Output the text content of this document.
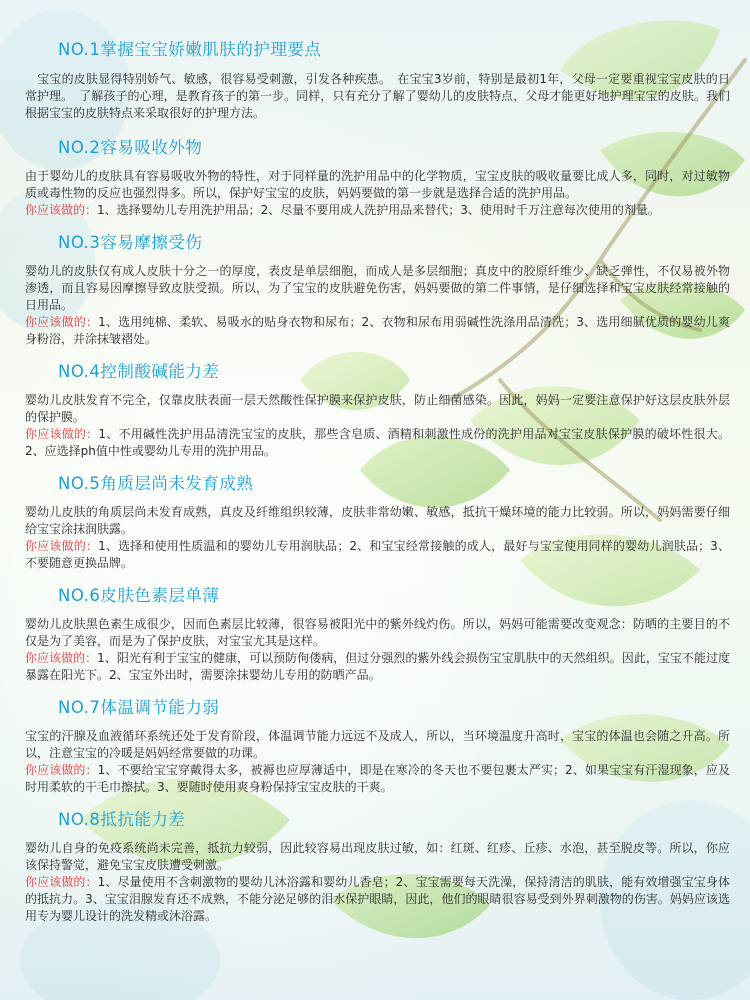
NO.1掌握宝宝娇嫩肌肤的护理要点

　宝宝的皮肤显得特别娇气、敏感，很容易受刺激，引发各种疾患。　在宝宝3岁前，特别是最初1年，父母一定要重视宝宝皮肤的日常护理。　了解孩子的心理，是教育孩子的第一步。同样，只有充分了解了婴幼儿的皮肤特点，父母才能更好地护理宝宝的皮肤。我们根据宝宝的皮肤特点来采取很好的护理方法。

NO.2容易吸收外物

由于婴幼儿的皮肤具有容易吸收外物的特性，对于同样量的洗护用品中的化学物质，宝宝皮肤的吸收量要比成人多，同时，对过敏物质或毒性物的反应也强烈得多。所以，保护好宝宝的皮肤，妈妈要做的第一步就是选择合适的洗护用品。

你应该做的：1、选择婴幼儿专用洗护用品；2、尽量不要用成人洗护用品来替代；3、使用时千万注意每次使用的剂量。

NO.3容易摩擦受伤

婴幼儿的皮肤仅有成人皮肤十分之一的厚度，表皮是单层细胞，而成人是多层细胞；真皮中的胶原纤维少、缺乏弹性，不仅易被外物渗透，而且容易因摩擦导致皮肤受损。所以，为了宝宝的皮肤避免伤害，妈妈要做的第二件事情，是仔细选择和宝宝皮肤经常接触的日用品。

你应该做的：1、选用纯棉、柔软、易吸水的贴身衣物和尿布；2、衣物和尿布用弱碱性洗涤用品清洗；3、选用细腻优质的婴幼儿爽身粉浴，并涂抹皱褶处。

NO.4控制酸碱能力差

婴幼儿皮肤发育不完全，仅靠皮肤表面一层天然酸性保护膜来保护皮肤，防止细菌感染。因此，妈妈一定要注意保护好这层皮肤外层的保护膜。

你应该做的：1、不用碱性洗护用品清洗宝宝的皮肤，那些含皂质、酒精和刺激性成份的洗护用品对宝宝皮肤保护膜的破坏性很大。2、应选择ph值中性或婴幼儿专用的洗护用品。

NO.5角质层尚未发育成熟

婴幼儿皮肤的角质层尚未发育成熟，真皮及纤维组织较薄，皮肤非常幼嫩、敏感，抵抗干燥环境的能力比较弱。所以，妈妈需要仔细给宝宝涂抹润肤露。

你应该做的：1、选择和使用性质温和的婴幼儿专用润肤品；2、和宝宝经常接触的成人，最好与宝宝使用同样的婴幼儿润肤品；3、不要随意更换品牌。

NO.6皮肤色素层单薄

婴幼儿皮肤黑色素生成很少，因而色素层比较薄，很容易被阳光中的紫外线灼伤。所以，妈妈可能需要改变观念：防晒的主要目的不仅是为了美容，而是为了保护皮肤，对宝宝尤其是这样。

你应该做的：1、阳光有利于宝宝的健康，可以预防佝偻病，但过分强烈的紫外线会损伤宝宝肌肤中的天然组织。因此，宝宝不能过度暴露在阳光下。2、宝宝外出时，需要涂抹婴幼儿专用的防晒产品。

NO.7体温调节能力弱

宝宝的汗腺及血液循环系统还处于发育阶段，体温调节能力远远不及成人，所以，当环境温度升高时，宝宝的体温也会随之升高。所以，注意宝宝的冷暖是妈妈经常要做的功课。

你应该做的：1、不要给宝宝穿戴得太多，被褥也应厚薄适中，即是在寒冷的冬天也不要包裹太严实；2、如果宝宝有汗湿现象，应及时用柔软的干毛巾擦拭。3、要随时使用爽身粉保持宝宝皮肤的干爽。

NO.8抵抗能力差

婴幼儿自身的免疫系统尚未完善，抵抗力较弱，因此较容易出现皮肤过敏，如：红斑、红疹、丘疹、水泡，甚至脱皮等。所以，你应该保持警觉，避免宝宝皮肤遭受刺激。

你应该做的：1、尽量使用不含刺激物的婴幼儿沐浴露和婴幼儿香皂；2、宝宝需要每天洗澡，保持清洁的肌肤，能有效增强宝宝身体的抵抗力。3、宝宝泪腺发育还不成熟，不能分泌足够的泪水保护眼睛，因此，他们的眼睛很容易受到外界刺激物的伤害。妈妈应该选用专为婴儿设计的洗发精或沐浴露。
